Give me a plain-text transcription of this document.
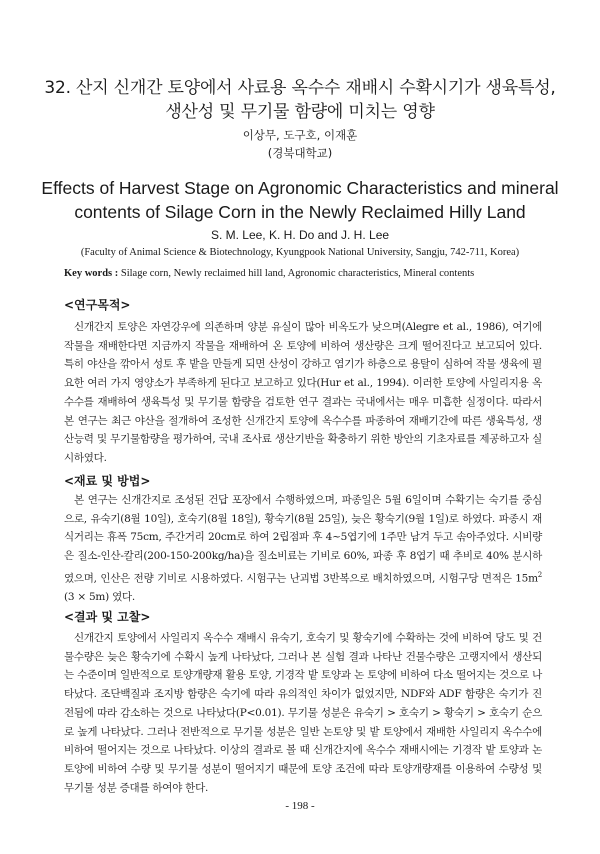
32. 산지 신개간 토양에서 사료용 옥수수 재배시 수확시기가 생육특성,
생산성 및 무기물 함량에 미치는 영향
이상무, 도구호, 이재훈
(경북대학교)
Effects of Harvest Stage on Agronomic Characteristics and mineral
contents of Silage Corn in the Newly Reclaimed Hilly Land
S. M. Lee, K. H. Do and J. H. Lee
(Faculty of Animal Science & Biotechnology, Kyungpook National University, Sangju, 742-711, Korea)
Key words : Silage corn, Newly reclaimed hill land, Agronomic characteristics, Mineral contents
<연구목적>

신개간지 토양은 자연강우에 의존하며 양분 유실이 많아 비옥도가 낮으며(Alegre et al., 1986), 여기에 작물을 재배한다면 지금까지 작물을 재배하여 온 토양에 비하여 생산량은 크게 떨어진다고 보고되어 있다. 특히 야산을 깎아서 성토 후 밭을 만들게 되면 산성이 강하고 염기가 하층으로 용탈이 심하여 작물 생육에 필요한 여러 가지 영양소가 부족하게 된다고 보고하고 있다(Hur et al., 1994). 이러한 토양에 사일리지용 옥수수를 재배하여 생육특성 및 무기물 함량을 검토한 연구 결과는 국내에서는 매우 미흡한 실정이다. 따라서 본 연구는 최근 야산을 절개하여 조성한 신개간지 토양에 옥수수를 파종하여 재배기간에 따른 생육특성, 생산능력 및 무기물함량을 평가하여, 국내 조사료 생산기반을 확충하기 위한 방안의 기초자료를 제공하고자 실시하였다.

<재료 및 방법>

본 연구는 신개간지로 조성된 건답 포장에서 수행하였으며, 파종일은 5월 6일이며 수확기는 숙기를 중심으로, 유숙기(8월 10일), 호숙기(8월 18일), 황숙기(8월 25일), 늦은 황숙기(9월 1일)로 하였다. 파종시 재식거리는 휴폭 75cm, 주간거리 20cm로 하여 2립점파 후 4~5엽기에 1주만 남겨 두고 솎아주었다. 시비량은 질소-인산-칼리(200-150-200kg/ha)을 질소비료는 기비로 60%, 파종 후 8엽기 때 추비로 40% 분시하였으며, 인산은 전량 기비로 시용하였다. 시험구는 난괴법 3반복으로 배치하였으며, 시험구당 면적은 $15m^2(3 \times 5m)$ 였다.

<결과 및 고찰>

신개간지 토양에서 사일리지 옥수수 재배시 유숙기, 호숙기 및 황숙기에 수확하는 것에 비하여 당도 및 건물수량은 늦은 황숙기에 수확시 높게 나타났다, 그러나 본 실험 결과 나타난 건물수량은 고랭지에서 생산되는 수준이며 일반적으로 토양개량재 활용 토양, 기경작 밭 토양과 논 토양에 비하여 다소 떨어지는 것으로 나타났다. 조단백질과 조지방 함량은 숙기에 따라 유의적인 차이가 없었지만, NDF와 ADF 함량은 숙기가 진전됨에 따라 감소하는 것으로 나타났다(P<0.01). 무기물 성분은 유숙기 > 호숙기 > 황숙기 > 호숙기 순으로 높게 나타났다. 그러나 전반적으로 무기물 성분은 일반 논토양 및 밭 토양에서 재배한 사일리지 옥수수에 비하여 떨어지는 것으로 나타났다. 이상의 결과로 볼 때 신개간지에 옥수수 재배시에는 기경작 밭 토양과 논 토양에 비하여 수량 및 무기물 성분이 떨어지기 때문에 토양 조건에 따라 토양개량재를 이용하여 수량성 및 무기물 성분 증대를 하여야 한다.

- 198 -
